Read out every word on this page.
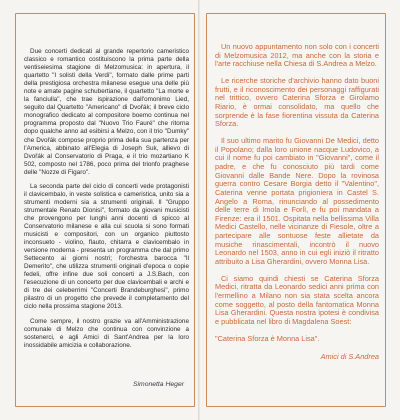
Due concerti dedicati al grande repertorio cameristico classico e romantico costituiscono la prima parte della ventiseiesima stagione di Melzomusica: in apertura, il quartetto "I solisti della Verdi", formato dalle prime parti della prestigiosa orchestra milanese esegue una delle più note e amate pagine schubertiane, il quartetto "La morte e la fanciulla", che trae ispirazione dall'omonimo Lied, seguito dal Quartetto "Americano" di Dvořák; il breve ciclo monografico dedicato al compositore boemo continua nel programma proposto dal "Nuovo Trio Fauré" che ritorna dopo qualche anno ad esibirsi a Melzo, con il trio "Dumky" che Dvořák compose proprio prima della sua partenza per l'America, abbinato all'Elegia di Joseph Suk, allievo di Dvořák al Conservatorio di Praga, e il trio mozartiano K 502, composto nel 1786, poco prima del trionfo praghese delle "Nozze di Figaro".

La seconda parte del ciclo di concerti vede protagonisti il clavicembalo, in veste solistica e cameristica, unito sia a strumenti moderni sia a strumenti originali. Il "Gruppo strumentale Renato Dionisi", formato da giovani musicisti che provengono per lunghi anni docenti di spicco al Conservatorio milanese e alla cui scuola si sono formati musicisti e compositori, con un organico piuttosto inconsueto - violino, flauto, chitarra e clavicembalo in versione moderna - presenta un programma che dal primo Settecento ai giorni nostri; l'orchestra barocca "Il Demerito", che utilizza strumenti originali d'epoca o copie fedeli, offre infine due soli concerti a J.S.Bach, con l'esecuzione di un concerto per due clavicembali e archi e di tre dei celeberrimi "Concerti Brandeburghesi", primo pilastro di un progetto che prevede il completamento del ciclo nella prossima stagione 2013.

Come sempre, il nostro grazie va all'Amministrazione comunale di Melzo che continua con convinzione a sostenerci, e agli Amici di Sant'Andrea per la loro inossidabile amicizia e collaborazione.

Simonetta Heger

Un nuovo appuntamento non solo con i concerti di Melzomusica 2012, ma anche con la storia e l'arte racchiuse nella Chiesa di S.Andrea a Melzo.

Le ricerche storiche d'archivio hanno dato buoni frutti, e il riconoscimento dei personaggi raffigurati nel trittico, ovvero Caterina Sforza e Girolamo Riario, è ormai consolidato, ma quello che sorprende è la fase fiorentina vissuta da Caterina Sforza.

Il suo ultimo marito fu Giovanni De Medici, detto il Popolano; dalla loro unione nacque Ludovico, a cui il nome fu poi cambiato in "Giovanni", come il padre, e che fu conosciuto più tardi come Giovanni dalle Bande Nere. Dopo la rovinosa guerra contro Cesare Borgia detto il "Valentino", Caterina venne portata prigioniera in Castel S. Angelo a Roma, rinunciando al possedimento delle terre di Imola e Forlì, e fu poi mandata a Firenze: era il 1501. Ospitata nella bellissima Villa Medici Castello, nelle vicinanze di Fiesole, oltre a partecipare alle sontuose feste allietate da musiche rinascimentali, incontrò il nuovo Leonardo nel 1503, anno in cui egli iniziò il ritratto attribuito a Lisa Gherardini, ovvero Monna Lisa.

Ci siamo quindi chiesti se Caterina Sforza Medici, ritratta da Leonardo sedici anni prima con l'ermellino a Milano non sia stata scelta ancora come soggetto, al posto della fantomatica Monna Lisa Gherardini. Questa nostra ipotesi è condivisa e pubblicata nel libro di Magdalena Soest:

"Caterina Sforza è Monna Lisa".

Amici di S.Andrea
